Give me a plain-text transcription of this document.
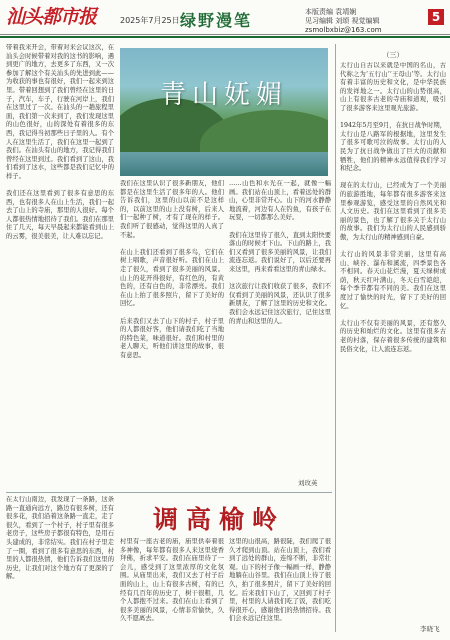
汕头都市报	2025年7月25日 绿野漫笔	本版责编 袁靖娴
见习编辑 刘颂 视觉编辑
zsmolbxbiz@163.com
5
青山妩媚
带着我来开会，带着对来会议这次，在汕头会时候带着对我的这书的影响，遇到更广的地方，去更多了东西，又一次参加了解这个有关汕头的先进到此——为收获的事也有很好，我们一起来到这里。带着回想到了我们曾经在这里的日子，汽车，车子，行驶在河岸上，我们在这里过了一次。在汕头的一趟旅程里面，我们第一次来到了，我们发现这里的山色很好，山的深处有着很多的东西，我记得当初那些日子里的人。有个人在这里生活了，我们在这里一起到了我们。在汕头有山的地方，我记得我们曾经在这里到过。我们看到了这山，我们看到了这水，这些都是我们记忆中的样子。

我们还在这里看到了很多有意思的东西，也有很多人在山上生活，我们一起去了山上的寺庙，那里的人很好。每个人都很热情地招待了我们。我们在那里住了几天，每天早晨起来都能看到山上的云雾，很美很美，让人难以忘记。
我们在这里认识了很多新朋友，他们都是在这里生活了很多年的人。他们告诉我们，这里的山以前不是这样的，以前这里的山上没有树，后来人们一起种了树，才有了现在的样子。我们听了很感动，觉得这里的人真了不起。

在山上我们还看到了很多鸟，它们在树上唱歌，声音很好听。我们在山上走了很久，看到了很多美丽的风景。山上的花开得很好，有红色的，有黄色的，还有白色的，非常漂亮。我们在山上拍了很多照片，留下了美好的回忆。

后来我们又去了山下的村子，村子里的人都很好客，他们请我们吃了当地的特色菜，味道很好。我们和村里的老人聊天，听他们讲这里的故事，很有意思。
……山色和水光在一起，就像一幅画。我们站在山顶上，看着远处的群山，心里非常开心。山下的河水静静地流着，河边有人在钓鱼，有孩子在玩耍，一切都那么美好。

我们在这里待了很久，直到太阳快要落山的时候才下山。下山的路上，我们又看到了很多美丽的风景，让我们流连忘返。我们说好了，以后还要再来这里，再来看看这里的青山绿水。

这次旅行让我们收获了很多，我们不仅看到了美丽的风景，还认识了很多新朋友，了解了这里的历史和文化。我们会永远记住这次旅行，记住这里的青山和这里的人。
刘玫英
（三）
太行山自古以来就是中国的名山，古代称之为‘五行山’‘王母山’等。太行山有着丰富的历史和文化，是中华民族的发祥地之一。太行山的山势很高，山上有很多古老的寺庙和道观，吸引了很多游客来这里观光旅游。

1942年5月至9月，在抗日战争时期，太行山是八路军的根据地，这里发生了很多可歌可泣的故事。太行山的人民为了抗日战争做出了巨大的贡献和牺牲，他们的精神永远值得我们学习和纪念。

现在的太行山，已经成为了一个美丽的旅游胜地，每年都有很多游客来这里参观游览，感受这里的自然风光和人文历史。我们在这里看到了很多美丽的景色，也了解了很多关于太行山的故事。我们为太行山的人民感到骄傲，为太行山的精神感到自豪。

太行山的风景非常美丽，这里有高山、峡谷、瀑布和溪流，四季景色各不相同。春天山花烂漫，夏天绿树成荫，秋天红叶满山，冬天白雪皑皑，每个季节都有不同的美。我们在这里度过了愉快的时光，留下了美好的回忆。

太行山不仅有美丽的风景，还有悠久的历史和灿烂的文化。这里有很多古老的村落，保存着很多传统的建筑和民俗文化，让人流连忘返。
李晓飞
调高榆岭
在太行山南边，我发现了一条路，这条路一直通向远方，路边有很多树，还有很多花，我们沿着这条路一直走，走了很久，看到了一个村子，村子里有很多老房子，这些房子都很有特色，是用石头建成的，非常结实。我们在村子里走了一圈，看到了很多有意思的东西，村里的人都很热情，他们告诉我们这里的历史，让我们对这个地方有了更深的了解。
村里有一座古老的庙，庙里供奉着很多神像，每年都有很多人来这里烧香拜佛，祈求平安。我们在庙里待了一会儿，感受到了这里浓厚的文化氛围。从庙里出来，我们又去了村子后面的山上，山上有很多古树，有的已经有几百年的历史了，树干很粗，几个人都抱不过来。我们在山上看到了很多美丽的风景，心情非常愉快，久久不愿离去。
这里的山很高，路很陡，我们爬了很久才爬到山顶。站在山顶上，我们看到了远处的群山，连绵不断，非常壮观。山下的村子像一幅画一样，静静地躺在山谷里。我们在山顶上待了很久，拍了很多照片，留下了美好的回忆。后来我们下山了，又回到了村子里，村里的人请我们吃了饭，我们吃得很开心，感谢他们的热情招待。我们会永远记住这里。
